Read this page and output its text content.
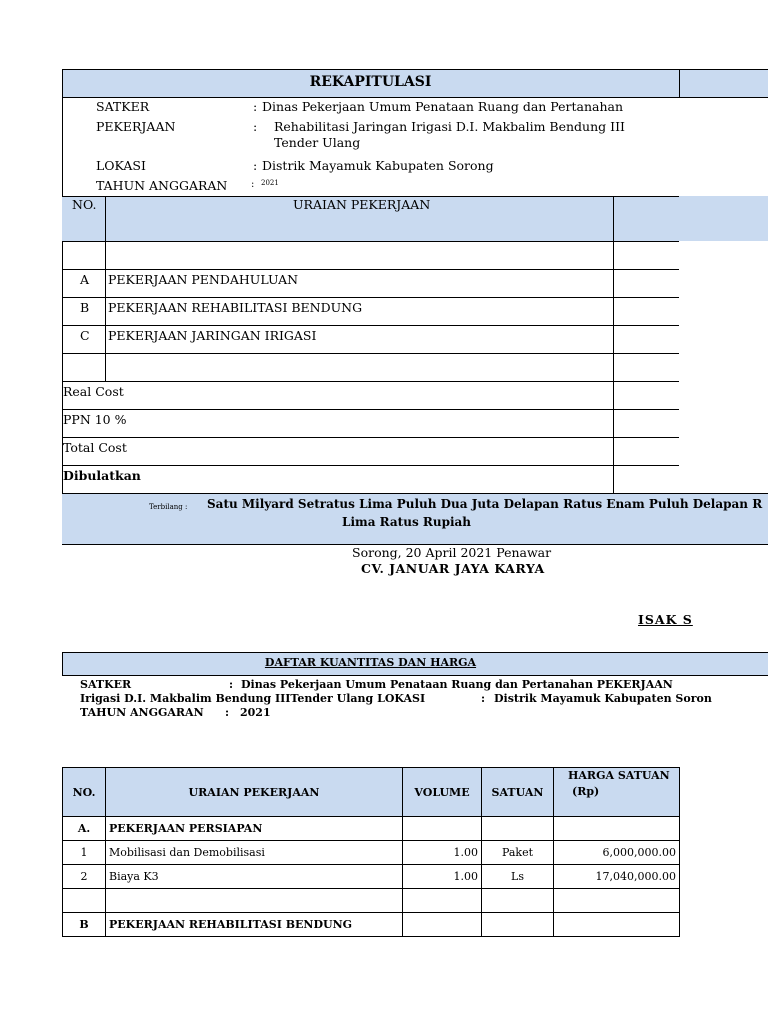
REKAPITULASI
SATKER	: Dinas Pekerjaan Umum Penataan Ruang dan Pertanahan
PEKERJAAN	: Rehabilitasi Jaringan Irigasi D.I. Makbalim Bendung III
Tender Ulang
LOKASI	: Distrik Mayamuk Kabupaten Sorong
TAHUN ANGGARAN : 2021
NO.	URAIAN PEKERJAAN
A PEKERJAAN PENDAHULUAN
B PEKERJAAN REHABILITASI BENDUNG
C PEKERJAAN JARINGAN IRIGASI
Real Cost
PPN 10 %
Total Cost
Dibulatkan
Terbilang : Satu Milyard Setratus Lima Puluh Dua Juta Delapan Ratus Enam Puluh Delapan R
Lima Ratus Rupiah
Sorong, 20 April 2021 Penawar
CV. JANUAR JAYA KARYA
ISAK S
DAFTAR KUANTITAS DAN HARGA
SATKER	: Dinas Pekerjaan Umum Penataan Ruang dan Pertanahan PEKERJAAN
Irigasi D.I. Makbalim Bendung IIITender Ulang LOKASI	: Distrik Mayamuk Kabupaten Soron
TAHUN ANGGARAN : 2021
NO.	URAIAN PEKERJAAN	VOLUME	SATUAN	HARGA SATUAN
(Rp)

A.	PEKERJAAN PERSIAPAN			
1	Mobilisasi dan Demobilisasi	1.00	Paket	6,000,000.00
2	Biaya K3	1.00	Ls	17,040,000.00

B	PEKERJAAN REHABILITASI BENDUNG			
